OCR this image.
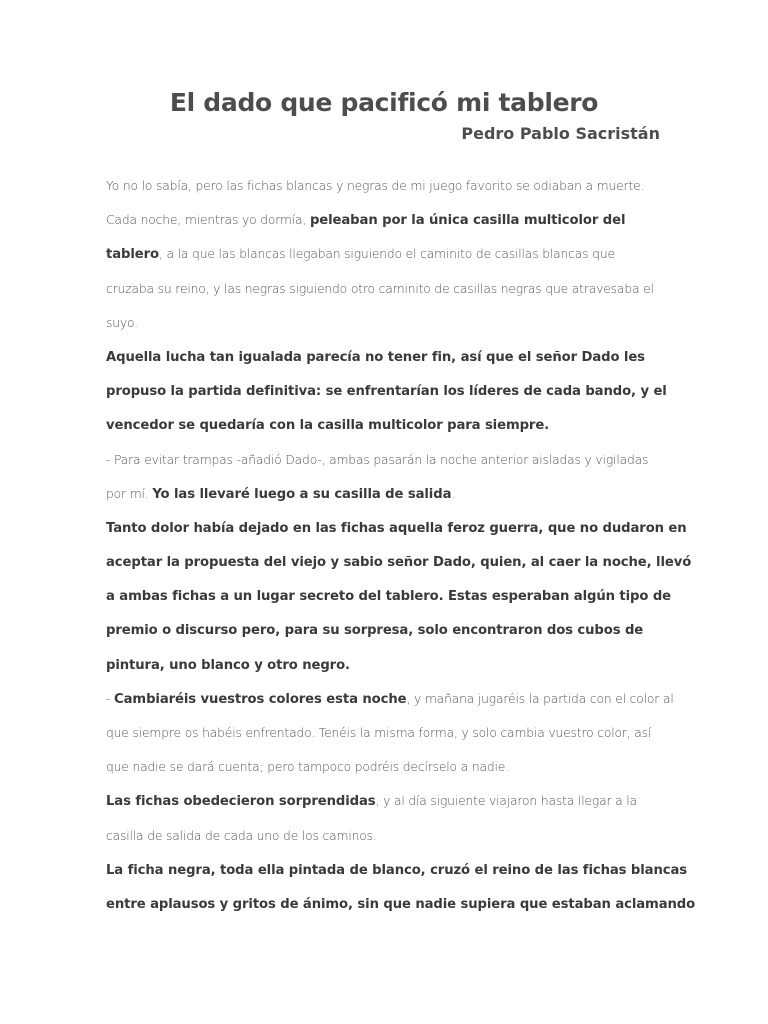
El dado que pacificó mi tablero
Pedro Pablo Sacristán
Yo no lo sabía, pero las fichas blancas y negras de mi juego favorito se odiaban a muerte.
Cada noche, mientras yo dormía, peleaban por la única casilla multicolor del
tablero, a la que las blancas llegaban siguiendo el caminito de casillas blancas que
cruzaba su reino, y las negras siguiendo otro caminito de casillas negras que atravesaba el
suyo.
Aquella lucha tan igualada parecía no tener fin, así que el señor Dado les
propuso la partida definitiva: se enfrentarían los líderes de cada bando, y el
vencedor se quedaría con la casilla multicolor para siempre.
- Para evitar trampas -añadió Dado-, ambas pasarán la noche anterior aisladas y vigiladas
por mí. Yo las llevaré luego a su casilla de salida.
Tanto dolor había dejado en las fichas aquella feroz guerra, que no dudaron en
aceptar la propuesta del viejo y sabio señor Dado, quien, al caer la noche, llevó
a ambas fichas a un lugar secreto del tablero. Estas esperaban algún tipo de
premio o discurso pero, para su sorpresa, solo encontraron dos cubos de
pintura, uno blanco y otro negro.
- Cambiaréis vuestros colores esta noche, y mañana jugaréis la partida con el color al
que siempre os habéis enfrentado. Tenéis la misma forma, y solo cambia vuestro color, así
que nadie se dará cuenta; pero tampoco podréis decírselo a nadie.
Las fichas obedecieron sorprendidas, y al día siguiente viajaron hasta llegar a la
casilla de salida de cada uno de los caminos.
La ficha negra, toda ella pintada de blanco, cruzó el reino de las fichas blancas
entre aplausos y gritos de ánimo, sin que nadie supiera que estaban aclamando
